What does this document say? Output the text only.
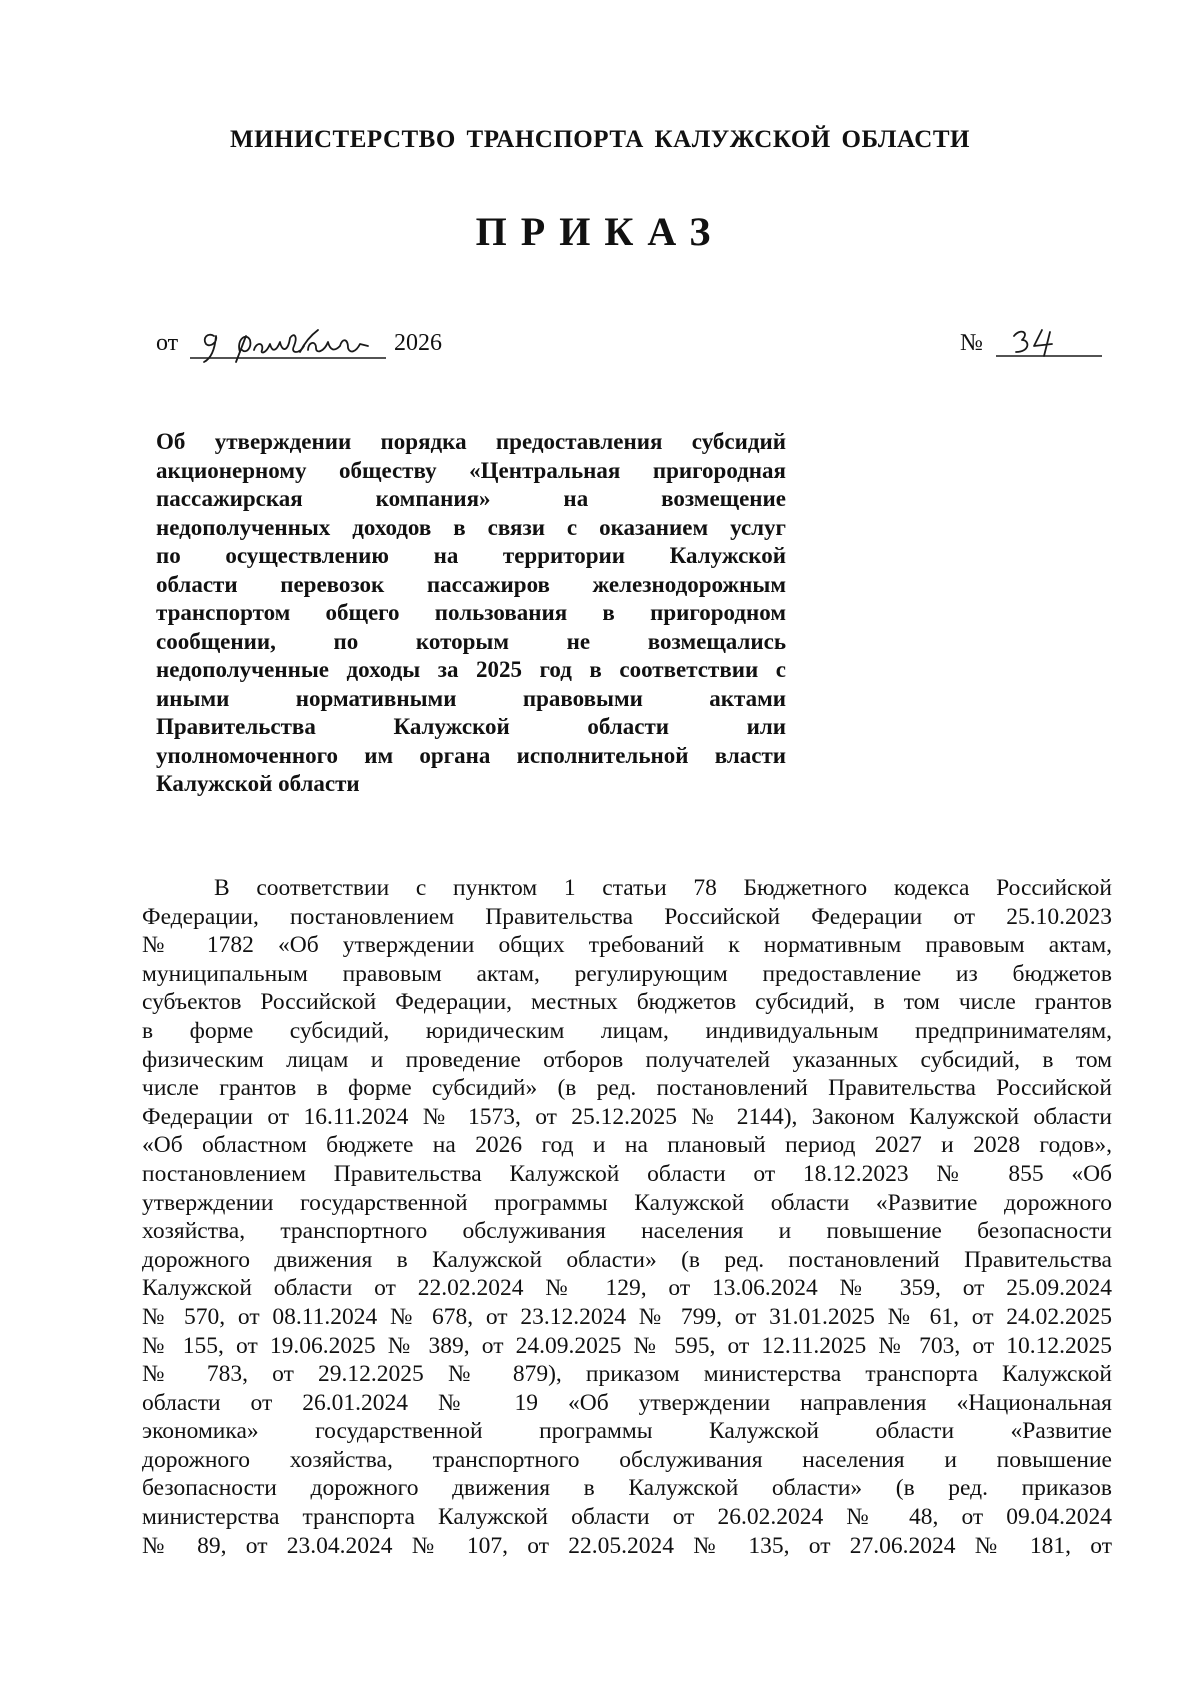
МИНИСТЕРСТВО ТРАНСПОРТА КАЛУЖСКОЙ ОБЛАСТИ
ПРИКАЗ
от	2026	№
Об утверждении порядка предоставления субсидий
акционерному обществу «Центральная пригородная
пассажирская компания» на возмещение
недополученных доходов в связи с оказанием услуг
по осуществлению на территории Калужской
области перевозок пассажиров железнодорожным
транспортом общего пользования в пригородном
сообщении, по которым не возмещались
недополученные доходы за 2025 год в соответствии с
иными нормативными правовыми актами
Правительства Калужской области или
уполномоченного им органа исполнительной власти
Калужской области
В соответствии с пунктом 1 статьи 78 Бюджетного кодекса Российской
Федерации, постановлением Правительства Российской Федерации от 25.10.2023
№ 1782 «Об утверждении общих требований к нормативным правовым актам,
муниципальным правовым актам, регулирующим предоставление из бюджетов
субъектов Российской Федерации, местных бюджетов субсидий, в том числе грантов
в форме субсидий, юридическим лицам, индивидуальным предпринимателям,
физическим лицам и проведение отборов получателей указанных субсидий, в том
числе грантов в форме субсидий» (в ред. постановлений Правительства Российской
Федерации от 16.11.2024 № 1573, от 25.12.2025 № 2144), Законом Калужской области
«Об областном бюджете на 2026 год и на плановый период 2027 и 2028 годов»,
постановлением Правительства Калужской области от 18.12.2023 № 855 «Об
утверждении государственной программы Калужской области «Развитие дорожного
хозяйства, транспортного обслуживания населения и повышение безопасности
дорожного движения в Калужской области» (в ред. постановлений Правительства
Калужской области от 22.02.2024 № 129, от 13.06.2024 № 359, от 25.09.2024
№ 570, от 08.11.2024 № 678, от 23.12.2024 № 799, от 31.01.2025 № 61, от 24.02.2025
№ 155, от 19.06.2025 № 389, от 24.09.2025 № 595, от 12.11.2025 № 703, от 10.12.2025
№ 783, от 29.12.2025 № 879), приказом министерства транспорта Калужской
области от 26.01.2024 № 19 «Об утверждении направления «Национальная
экономика» государственной программы Калужской области «Развитие
дорожного хозяйства, транспортного обслуживания населения и повышение
безопасности дорожного движения в Калужской области» (в ред. приказов
министерства транспорта Калужской области от 26.02.2024 № 48, от 09.04.2024
№ 89, от 23.04.2024 № 107, от 22.05.2024 № 135, от 27.06.2024 № 181, от
